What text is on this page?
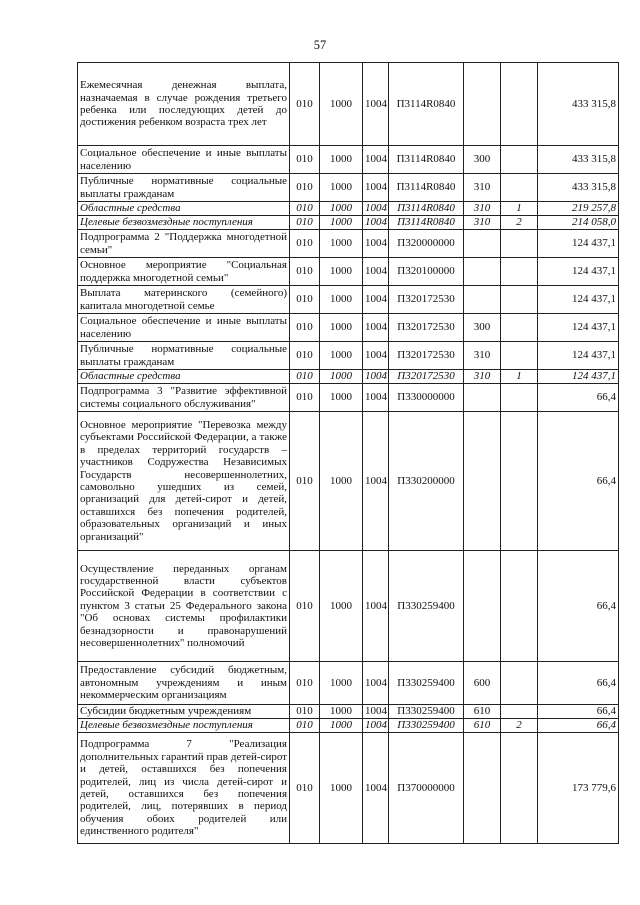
57
Ежемесячная денежная выплата, назначаемая в случае рождения третьего ребенка или последующих детей до достижения ребенком возраста трех лет	010	1000	1004	П3114R0840			433 315,8
Социальное обеспечение и иные выплаты населению	010	1000	1004	П3114R0840	300		433 315,8
Публичные нормативные социальные выплаты гражданам	010	1000	1004	П3114R0840	310		433 315,8
Областные средства	010	1000	1004	П3114R0840	310	1	219 257,8
Целевые безвозмездные поступления	010	1000	1004	П3114R0840	310	2	214 058,0
Подпрограмма 2 "Поддержка многодетной семьи"	010	1000	1004	П320000000			124 437,1
Основное мероприятие "Социальная поддержка многодетной семьи"	010	1000	1004	П320100000			124 437,1
Выплата материнского (семейного) капитала многодетной семье	010	1000	1004	П320172530			124 437,1
Социальное обеспечение и иные выплаты населению	010	1000	1004	П320172530	300		124 437,1
Публичные нормативные социальные выплаты гражданам	010	1000	1004	П320172530	310		124 437,1
Областные средства	010	1000	1004	П320172530	310	1	124 437,1
Подпрограмма 3 "Развитие эффективной системы социального обслуживания"	010	1000	1004	П330000000			66,4
Основное мероприятие "Перевозка между субъектами Российской Федерации, а также в пределах территорий государств – участников Содружества Независимых Государств несовершеннолетних, самовольно ушедших из семей, организаций для детей-сирот и детей, оставшихся без попечения родителей, образовательных организаций и иных организаций"	010	1000	1004	П330200000			66,4
Осуществление переданных органам государственной власти субъектов Российской Федерации в соответствии с пунктом 3 статьи 25 Федерального закона "Об основах системы профилактики безнадзорности и правонарушений несовершеннолетних" полномочий	010	1000	1004	П330259400			66,4
Предоставление субсидий бюджетным, автономным учреждениям и иным некоммерческим организациям	010	1000	1004	П330259400	600		66,4
Субсидии бюджетным учреждениям	010	1000	1004	П330259400	610		66,4
Целевые безвозмездные поступления	010	1000	1004	П330259400	610	2	66,4
Подпрограмма 7 "Реализация дополнительных гарантий прав детей-сирот и детей, оставшихся без попечения родителей, лиц из числа детей-сирот и детей, оставшихся без попечения родителей, лиц, потерявших в период обучения обоих родителей или единственного родителя"	010	1000	1004	П370000000			173 779,6
